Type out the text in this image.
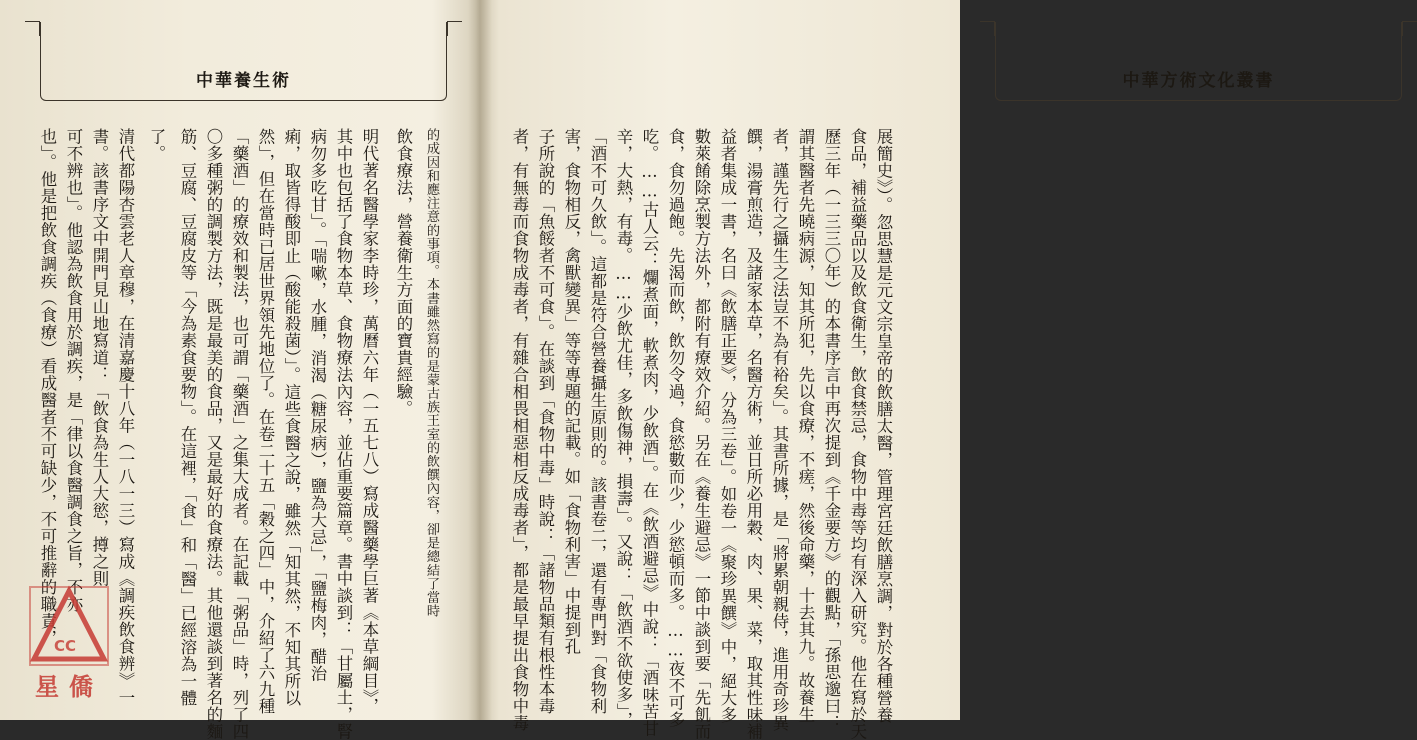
中華養生術
也」。他是把飲食調疾（食療）看成醫者不可缺少，不可推辭的職責， 可不辨也」。他認為飲食用於調疾，是「律以食醫調食之旨，不亦 書。該書序文中開門見山地寫道：「飲食為生人大慾，撙之則 清代都陽杏雲老人章穆，在清嘉慶十八年（一八一三）寫成《調疾飲食辨》一 了。 筋、豆腐、豆腐皮等「今為素食要物」。在這裡，「食」和「醫」已經溶為一體 〇多種粥的調製方法，既是最美的食品，又是最好的食療法。其他還談到著名的麵 「藥酒」的療效和製法，也可謂「藥酒」之集大成者。在記載「粥品」時，列了四 然」，但在當時已居世界領先地位了。在卷二十五「穀之四」中，介紹了六九種 痢，取皆得酸即止（酸能殺菌）」。這些食醫之說，雖然「知其然，不知其所以 病勿多吃甘」。「喘嗽，水腫，消渴（糖尿病），鹽為大忌」，「鹽梅肉，醋治 其中也包括了食物本草、食物療法內容，並佔重要篇章。書中談到：「甘屬土，腎 明代著名醫學家李時珍，萬曆六年（一五七八）寫成醫藥學巨著《本草綱目》， 飲食療法，營養衛生方面的寶貴經驗。 的成因和應注意的事項。本書雖然寫的是蒙古族王室的飲饌內容，卻是總結了當時
CC
星僑
中華方術文化叢書
者，有無毒而食物成毒者，有雜合相畏相惡相反成毒者」，都是最早提出食物中毒 子所說的「魚餒者不可食」。在談到「食物中毒」時說：「諸物品類有根性本毒 害，食物相反，禽獸變異」等等專題的記載。如「食物利害」中提到孔 「酒不可久飲」。這都是符合營養攝生原則的。該書卷二，還有專門對「食物利 辛，大熱，有毒。……少飲尤佳，多飲傷神，損壽」。又說：「飲酒不欲使多」， 吃。……古人云：爛煮面，軟煮肉，少飲酒」。在《飲酒避忌》中說：「酒味苦甘 食，食勿過飽。先渴而飲，飲勿令過，食慾數而少，少慾頓而多。……夜不可多 數萊餚除烹製方法外，都附有療效介紹。另在《養生避忌》一節中談到要「先飢而 益者集成一書，名曰《飲膳正要》，分為三卷」。如卷一《聚珍異饌》中，絕大多 饌，湯膏煎造，及諸家本草，名醫方術，並日所必用穀、肉、果、菜，取其性味補 者，謹先行之攝生之法豈不為有裕矣」。其書所據，是「將累朝親侍，進用奇珍異 謂其醫者先曉病源，知其所犯，先以食療，不瘥，然後命藥，十去其九。故養生 歷三年（一三三〇年）的本書序言中再次提到《千金要方》的觀點，「孫思邈曰： 食品，補益藥品以及飲食衛生，飲食禁忌，食物中毒等均有深入研究。他在寫於天 展簡史》）。忽思慧是元文宗皇帝的飲膳太醫，管理宮廷飲膳烹調，對於各種營養
